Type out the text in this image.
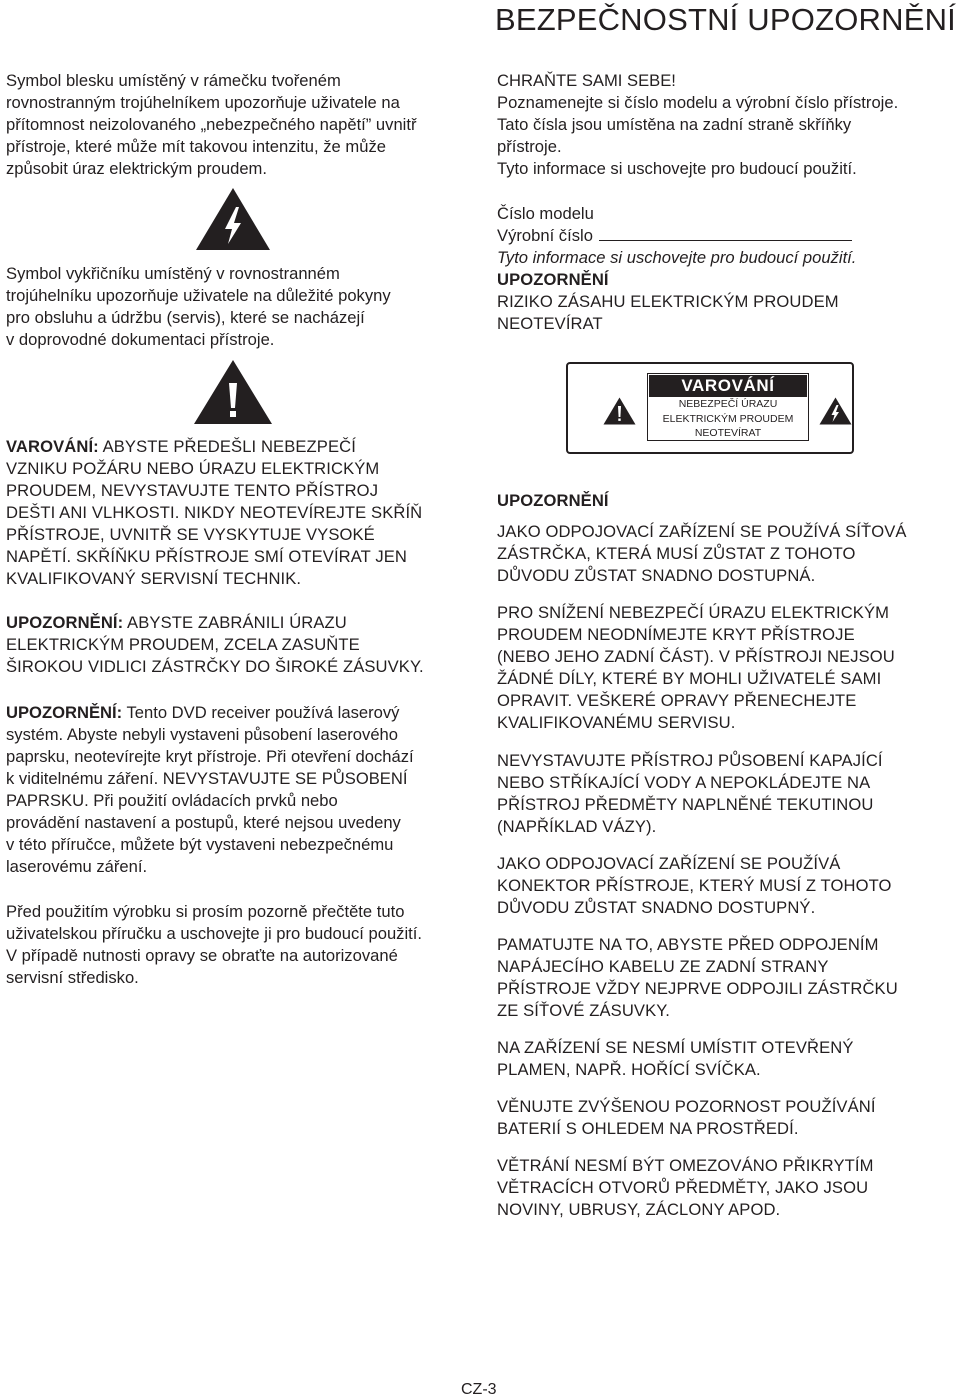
BEZPEČNOSTNÍ UPOZORNĚNÍ
Symbol blesku umístěný v rámečku tvořeném
rovnostranným trojúhelníkem upozorňuje uživatele na
přítomnost neizolovaného „nebezpečného napětí” uvnitř
přístroje, které může mít takovou intenzitu, že může
způsobit úraz elektrickým proudem.
Symbol vykřičníku umístěný v rovnostranném
trojúhelníku upozorňuje uživatele na důležité pokyny
pro obsluhu a údržbu (servis), které se nacházejí
v doprovodné dokumentaci přístroje.
VAROVÁNÍ: ABYSTE PŘEDEŠLI NEBEZPEČÍ
VZNIKU POŽÁRU NEBO ÚRAZU ELEKTRICKÝM
PROUDEM, NEVYSTAVUJTE TENTO PŘÍSTROJ
DEŠTI ANI VLHKOSTI. NIKDY NEOTEVÍREJTE SKŘÍŇ
PŘÍSTROJE, UVNITŘ SE VYSKYTUJE VYSOKÉ
NAPĚTÍ. SKŘÍŇKU PŘÍSTROJE SMÍ OTEVÍRAT JEN
KVALIFIKOVANÝ SERVISNÍ TECHNIK.
UPOZORNĚNÍ: ABYSTE ZABRÁNILI ÚRAZU
ELEKTRICKÝM PROUDEM, ZCELA ZASUŇTE
ŠIROKOU VIDLICI ZÁSTRČKY DO ŠIROKÉ ZÁSUVKY.
UPOZORNĚNÍ: Tento DVD receiver používá laserový
systém. Abyste nebyli vystaveni působení laserového
paprsku, neotevírejte kryt přístroje. Při otevření dochází
k viditelnému záření. NEVYSTAVUJTE SE PŮSOBENÍ
PAPRSKU. Při použití ovládacích prvků nebo
provádění nastavení a postupů, které nejsou uvedeny
v této příručce, můžete být vystaveni nebezpečnému
laserovému záření.
Před použitím výrobku si prosím pozorně přečtěte tuto
uživatelskou příručku a uschovejte ji pro budoucí použití.
V případě nutnosti opravy se obraťte na autorizované
servisní středisko.
CHRAŇTE SAMI SEBE!
Poznamenejte si číslo modelu a výrobní číslo přístroje.
Tato čísla jsou umístěna na zadní straně skříňky
přístroje.
Tyto informace si uschovejte pro budoucí použití.
Číslo modelu
Výrobní číslo
Tyto informace si uschovejte pro budoucí použití.
UPOZORNĚNÍ
RIZIKO ZÁSAHU ELEKTRICKÝM PROUDEM
NEOTEVÍRAT
VAROVÁNÍ
NEBEZPEČÍ ÚRAZU
ELEKTRICKÝM PROUDEM
NEOTEVÍRAT
UPOZORNĚNÍ
JAKO ODPOJOVACÍ ZAŘÍZENÍ SE POUŽÍVÁ SÍŤOVÁ
ZÁSTRČKA, KTERÁ MUSÍ ZŮSTAT Z TOHOTO
DŮVODU ZŮSTAT SNADNO DOSTUPNÁ.
PRO SNÍŽENÍ NEBEZPEČÍ ÚRAZU ELEKTRICKÝM
PROUDEM NEODNÍMEJTE KRYT PŘÍSTROJE
(NEBO JEHO ZADNÍ ČÁST). V PŘÍSTROJI NEJSOU
ŽÁDNÉ DÍLY, KTERÉ BY MOHLI UŽIVATELÉ SAMI
OPRAVIT. VEŠKERÉ OPRAVY PŘENECHEJTE
KVALIFIKOVANÉMU SERVISU.
NEVYSTAVUJTE PŘÍSTROJ PŮSOBENÍ KAPAJÍCÍ
NEBO STŘÍKAJÍCÍ VODY A NEPOKLÁDEJTE NA
PŘÍSTROJ PŘEDMĚTY NAPLNĚNÉ TEKUTINOU
(NAPŘÍKLAD VÁZY).
JAKO ODPOJOVACÍ ZAŘÍZENÍ SE POUŽÍVÁ
KONEKTOR PŘÍSTROJE, KTERÝ MUSÍ Z TOHOTO
DŮVODU ZŮSTAT SNADNO DOSTUPNÝ.
PAMATUJTE NA TO, ABYSTE PŘED ODPOJENÍM
NAPÁJECÍHO KABELU ZE ZADNÍ STRANY
PŘÍSTROJE VŽDY NEJPRVE ODPOJILI ZÁSTRČKU
ZE SÍŤOVÉ ZÁSUVKY.
NA ZAŘÍZENÍ SE NESMÍ UMÍSTIT OTEVŘENÝ
PLAMEN, NAPŘ. HOŘÍCÍ SVÍČKA.
VĚNUJTE ZVÝŠENOU POZORNOST POUŽÍVÁNÍ
BATERIÍ S OHLEDEM NA PROSTŘEDÍ.
VĚTRÁNÍ NESMÍ BÝT OMEZOVÁNO PŘIKRYTÍM
VĚTRACÍCH OTVORŮ PŘEDMĚTY, JAKO JSOU
NOVINY, UBRUSY, ZÁCLONY APOD.
CZ-3
